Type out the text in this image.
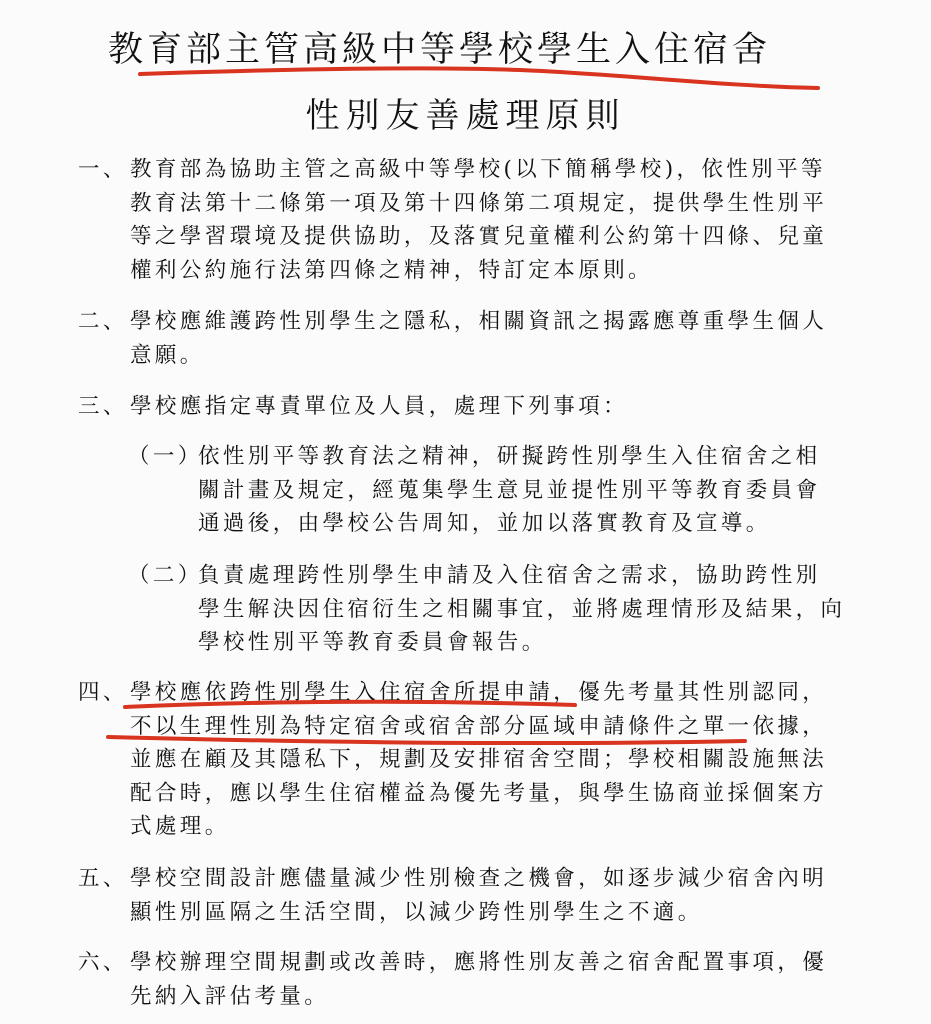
教育部主管高級中等學校學生入住宿舍
性別友善處理原則
一、 教育部為協助主管之高級中等學校(以下簡稱學校)，依性別平等
教育法第十二條第一項及第十四條第二項規定，提供學生性別平
等之學習環境及提供協助，及落實兒童權利公約第十四條、兒童
權利公約施行法第四條之精神，特訂定本原則。
二、 學校應維護跨性別學生之隱私，相關資訊之揭露應尊重學生個人
意願。
三、 學校應指定專責單位及人員，處理下列事項：
（一）
依性別平等教育法之精神，研擬跨性別學生入住宿舍之相
關計畫及規定，經蒐集學生意見並提性別平等教育委員會
通過後，由學校公告周知，並加以落實教育及宣導。
（二）
負責處理跨性別學生申請及入住宿舍之需求，協助跨性別
學生解決因住宿衍生之相關事宜，並將處理情形及結果，向
學校性別平等教育委員會報告。
四、 學校應依跨性別學生入住宿舍所提申請，優先考量其性別認同，
不以生理性別為特定宿舍或宿舍部分區域申請條件之單一依據，
並應在顧及其隱私下，規劃及安排宿舍空間；學校相關設施無法
配合時，應以學生住宿權益為優先考量，與學生協商並採個案方
式處理。
五、 學校空間設計應儘量減少性別檢查之機會，如逐步減少宿舍內明
顯性別區隔之生活空間，以減少跨性別學生之不適。
六、 學校辦理空間規劃或改善時，應將性別友善之宿舍配置事項，優
先納入評估考量。
